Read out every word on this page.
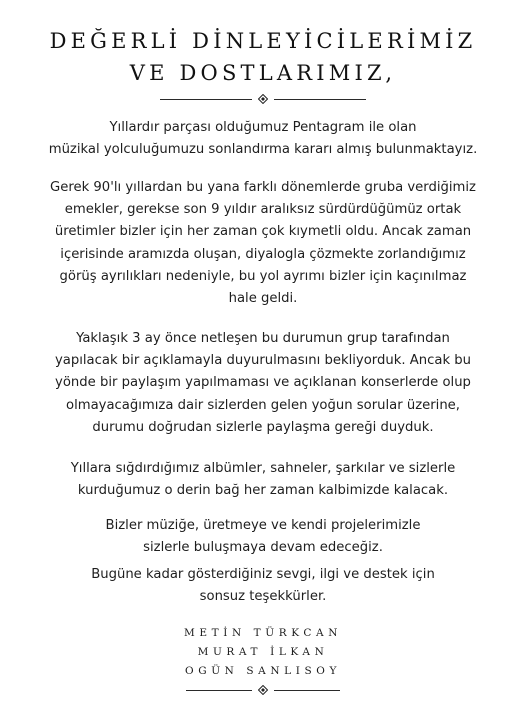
DEĞERLİ DİNLEYİCİLERİMİZ
VE DOSTLARIMIZ,
Yıllardır parçası olduğumuz Pentagram ile olan
müzikal yolculuğumuzu sonlandırma kararı almış bulunmaktayız.
Gerek 90'lı yıllardan bu yana farklı dönemlerde gruba verdiğimiz
emekler, gerekse son 9 yıldır aralıksız sürdürdüğümüz ortak
üretimler bizler için her zaman çok kıymetli oldu. Ancak zaman
içerisinde aramızda oluşan, diyalogla çözmekte zorlandığımız
görüş ayrılıkları nedeniyle, bu yol ayrımı bizler için kaçınılmaz
hale geldi.
Yaklaşık 3 ay önce netleşen bu durumun grup tarafından
yapılacak bir açıklamayla duyurulmasını bekliyorduk. Ancak bu
yönde bir paylaşım yapılmaması ve açıklanan konserlerde olup
olmayacağımıza dair sizlerden gelen yoğun sorular üzerine,
durumu doğrudan sizlerle paylaşma gereği duyduk.
Yıllara sığdırdığımız albümler, sahneler, şarkılar ve sizlerle
kurduğumuz o derin bağ her zaman kalbimizde kalacak.
Bizler müziğe, üretmeye ve kendi projelerimizle
sizlerle buluşmaya devam edeceğiz.
Bugüne kadar gösterdiğiniz sevgi, ilgi ve destek için
sonsuz teşekkürler.
METİN TÜRKCAN
MURAT İLKAN
OGÜN SANLISOY
